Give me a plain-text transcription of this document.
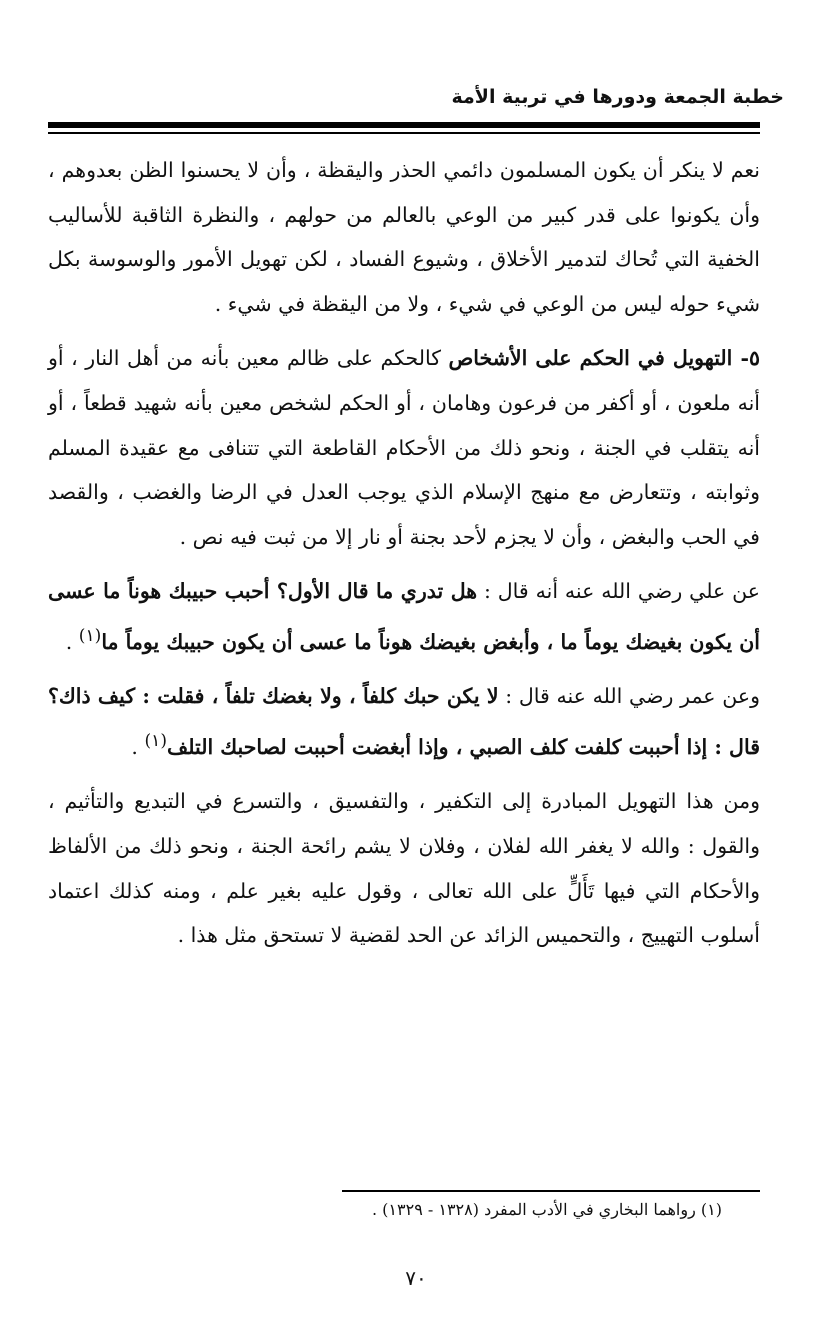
خطبة الجمعة ودورها في تربية الأمة

نعم لا ينكر أن يكون المسلمون دائمي الحذر واليقظة ، وأن لا يحسنوا الظن بعدوهم ، وأن يكونوا على قدر كبير من الوعي بالعالم من حولهم ، والنظرة الثاقبة للأساليب الخفية التي تُحاك لتدمير الأخلاق ، وشيوع الفساد ، لكن تهويل الأمور والوسوسة بكل شيء حوله ليس من الوعي في شيء ، ولا من اليقظة في شيء .

٥- التهويل في الحكم على الأشخاص كالحكم على ظالم معين بأنه من أهل النار ، أو أنه ملعون ، أو أكفر من فرعون وهامان ، أو الحكم لشخص معين بأنه شهيد قطعاً ، أو أنه يتقلب في الجنة ، ونحو ذلك من الأحكام القاطعة التي تتنافى مع عقيدة المسلم وثوابته ، وتتعارض مع منهج الإسلام الذي يوجب العدل في الرضا والغضب ، والقصد في الحب والبغض ، وأن لا يجزم لأحد بجنة أو نار إلا من ثبت فيه نص .

عن علي رضي الله عنه أنه قال : هل تدري ما قال الأول؟ أحبب حبيبك هوناً ما عسى أن يكون بغيضك يوماً ما ، وأبغض بغيضك هوناً ما عسى أن يكون حبيبك يوماً ما$^{(١)}$ .

وعن عمر رضي الله عنه قال : لا يكن حبك كلفاً ، ولا بغضك تلفاً ، فقلت : كيف ذاك؟ قال : إذا أحببت كلفت كلف الصبي ، وإذا أبغضت أحببت لصاحبك التلف$^{(١)}$ .

ومن هذا التهويل المبادرة إلى التكفير ، والتفسيق ، والتسرع في التبديع والتأثيم ، والقول : والله لا يغفر الله لفلان ، وفلان لا يشم رائحة الجنة ، ونحو ذلك من الألفاظ والأحكام التي فيها تَأَلٍّ على الله تعالى ، وقول عليه بغير علم ، ومنه كذلك اعتماد أسلوب التهييج ، والتحميس الزائد عن الحد لقضية لا تستحق مثل هذا .

(١) رواهما البخاري في الأدب المفرد (١٣٢٨ - ١٣٢٩) .
٧٠
